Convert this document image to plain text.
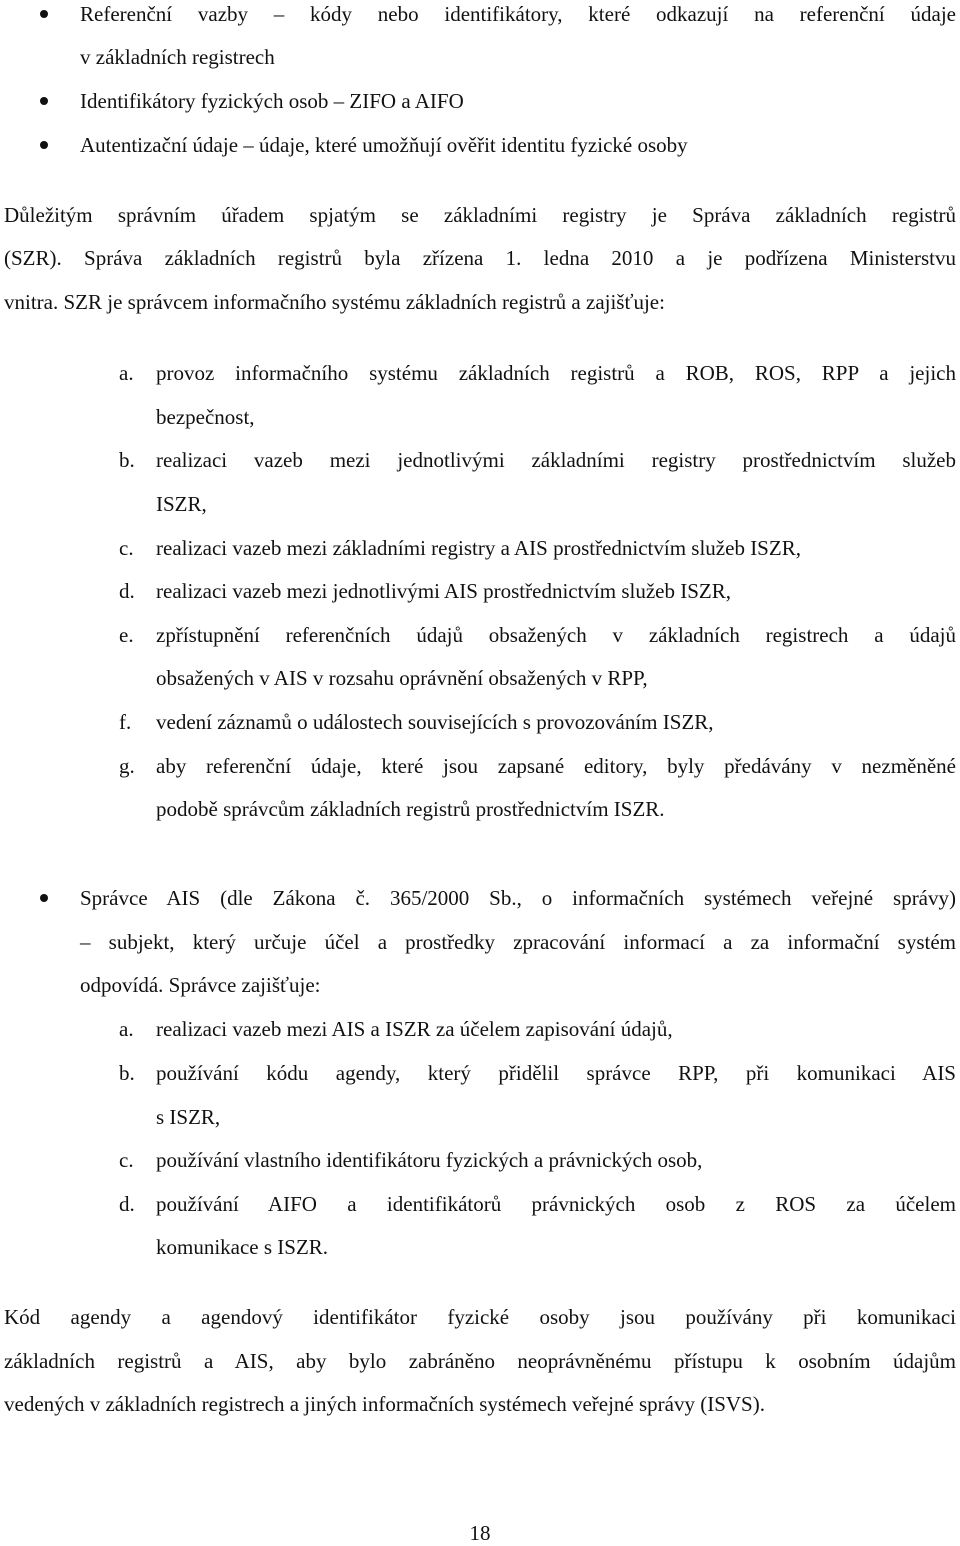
Referenční vazby – kódy nebo identifikátory, které odkazují na referenční údaje
v základních registrech
Identifikátory fyzických osob – ZIFO a AIFO
Autentizační údaje – údaje, které umožňují ověřit identitu fyzické osoby
Důležitým správním úřadem spjatým se základními registry je Správa základních registrů
(SZR). Správa základních registrů byla zřízena 1. ledna 2010 a je podřízena Ministerstvu
vnitra. SZR je správcem informačního systému základních registrů a zajišťuje:
a. provoz informačního systému základních registrů a ROB, ROS, RPP a jejich
bezpečnost,
b. realizaci vazeb mezi jednotlivými základními registry prostřednictvím služeb
ISZR,
c. realizaci vazeb mezi základními registry a AIS prostřednictvím služeb ISZR,
d. realizaci vazeb mezi jednotlivými AIS prostřednictvím služeb ISZR,
e. zpřístupnění referenčních údajů obsažených v základních registrech a údajů
obsažených v AIS v rozsahu oprávnění obsažených v RPP,
f. vedení záznamů o událostech souvisejících s provozováním ISZR,
g. aby referenční údaje, které jsou zapsané editory, byly předávány v nezměněné
podobě správcům základních registrů prostřednictvím ISZR.
Správce AIS (dle Zákona č. 365/2000 Sb., o informačních systémech veřejné správy)
– subjekt, který určuje účel a prostředky zpracování informací a za informační systém
odpovídá. Správce zajišťuje:
a. realizaci vazeb mezi AIS a ISZR za účelem zapisování údajů,
b. používání kódu agendy, který přidělil správce RPP, při komunikaci AIS
s ISZR,
c. používání vlastního identifikátoru fyzických a právnických osob,
d. používání AIFO a identifikátorů právnických osob z ROS za účelem
komunikace s ISZR.
Kód agendy a agendový identifikátor fyzické osoby jsou používány při komunikaci
základních registrů a AIS, aby bylo zabráněno neoprávněnému přístupu k osobním údajům
vedených v základních registrech a jiných informačních systémech veřejné správy (ISVS).
18
